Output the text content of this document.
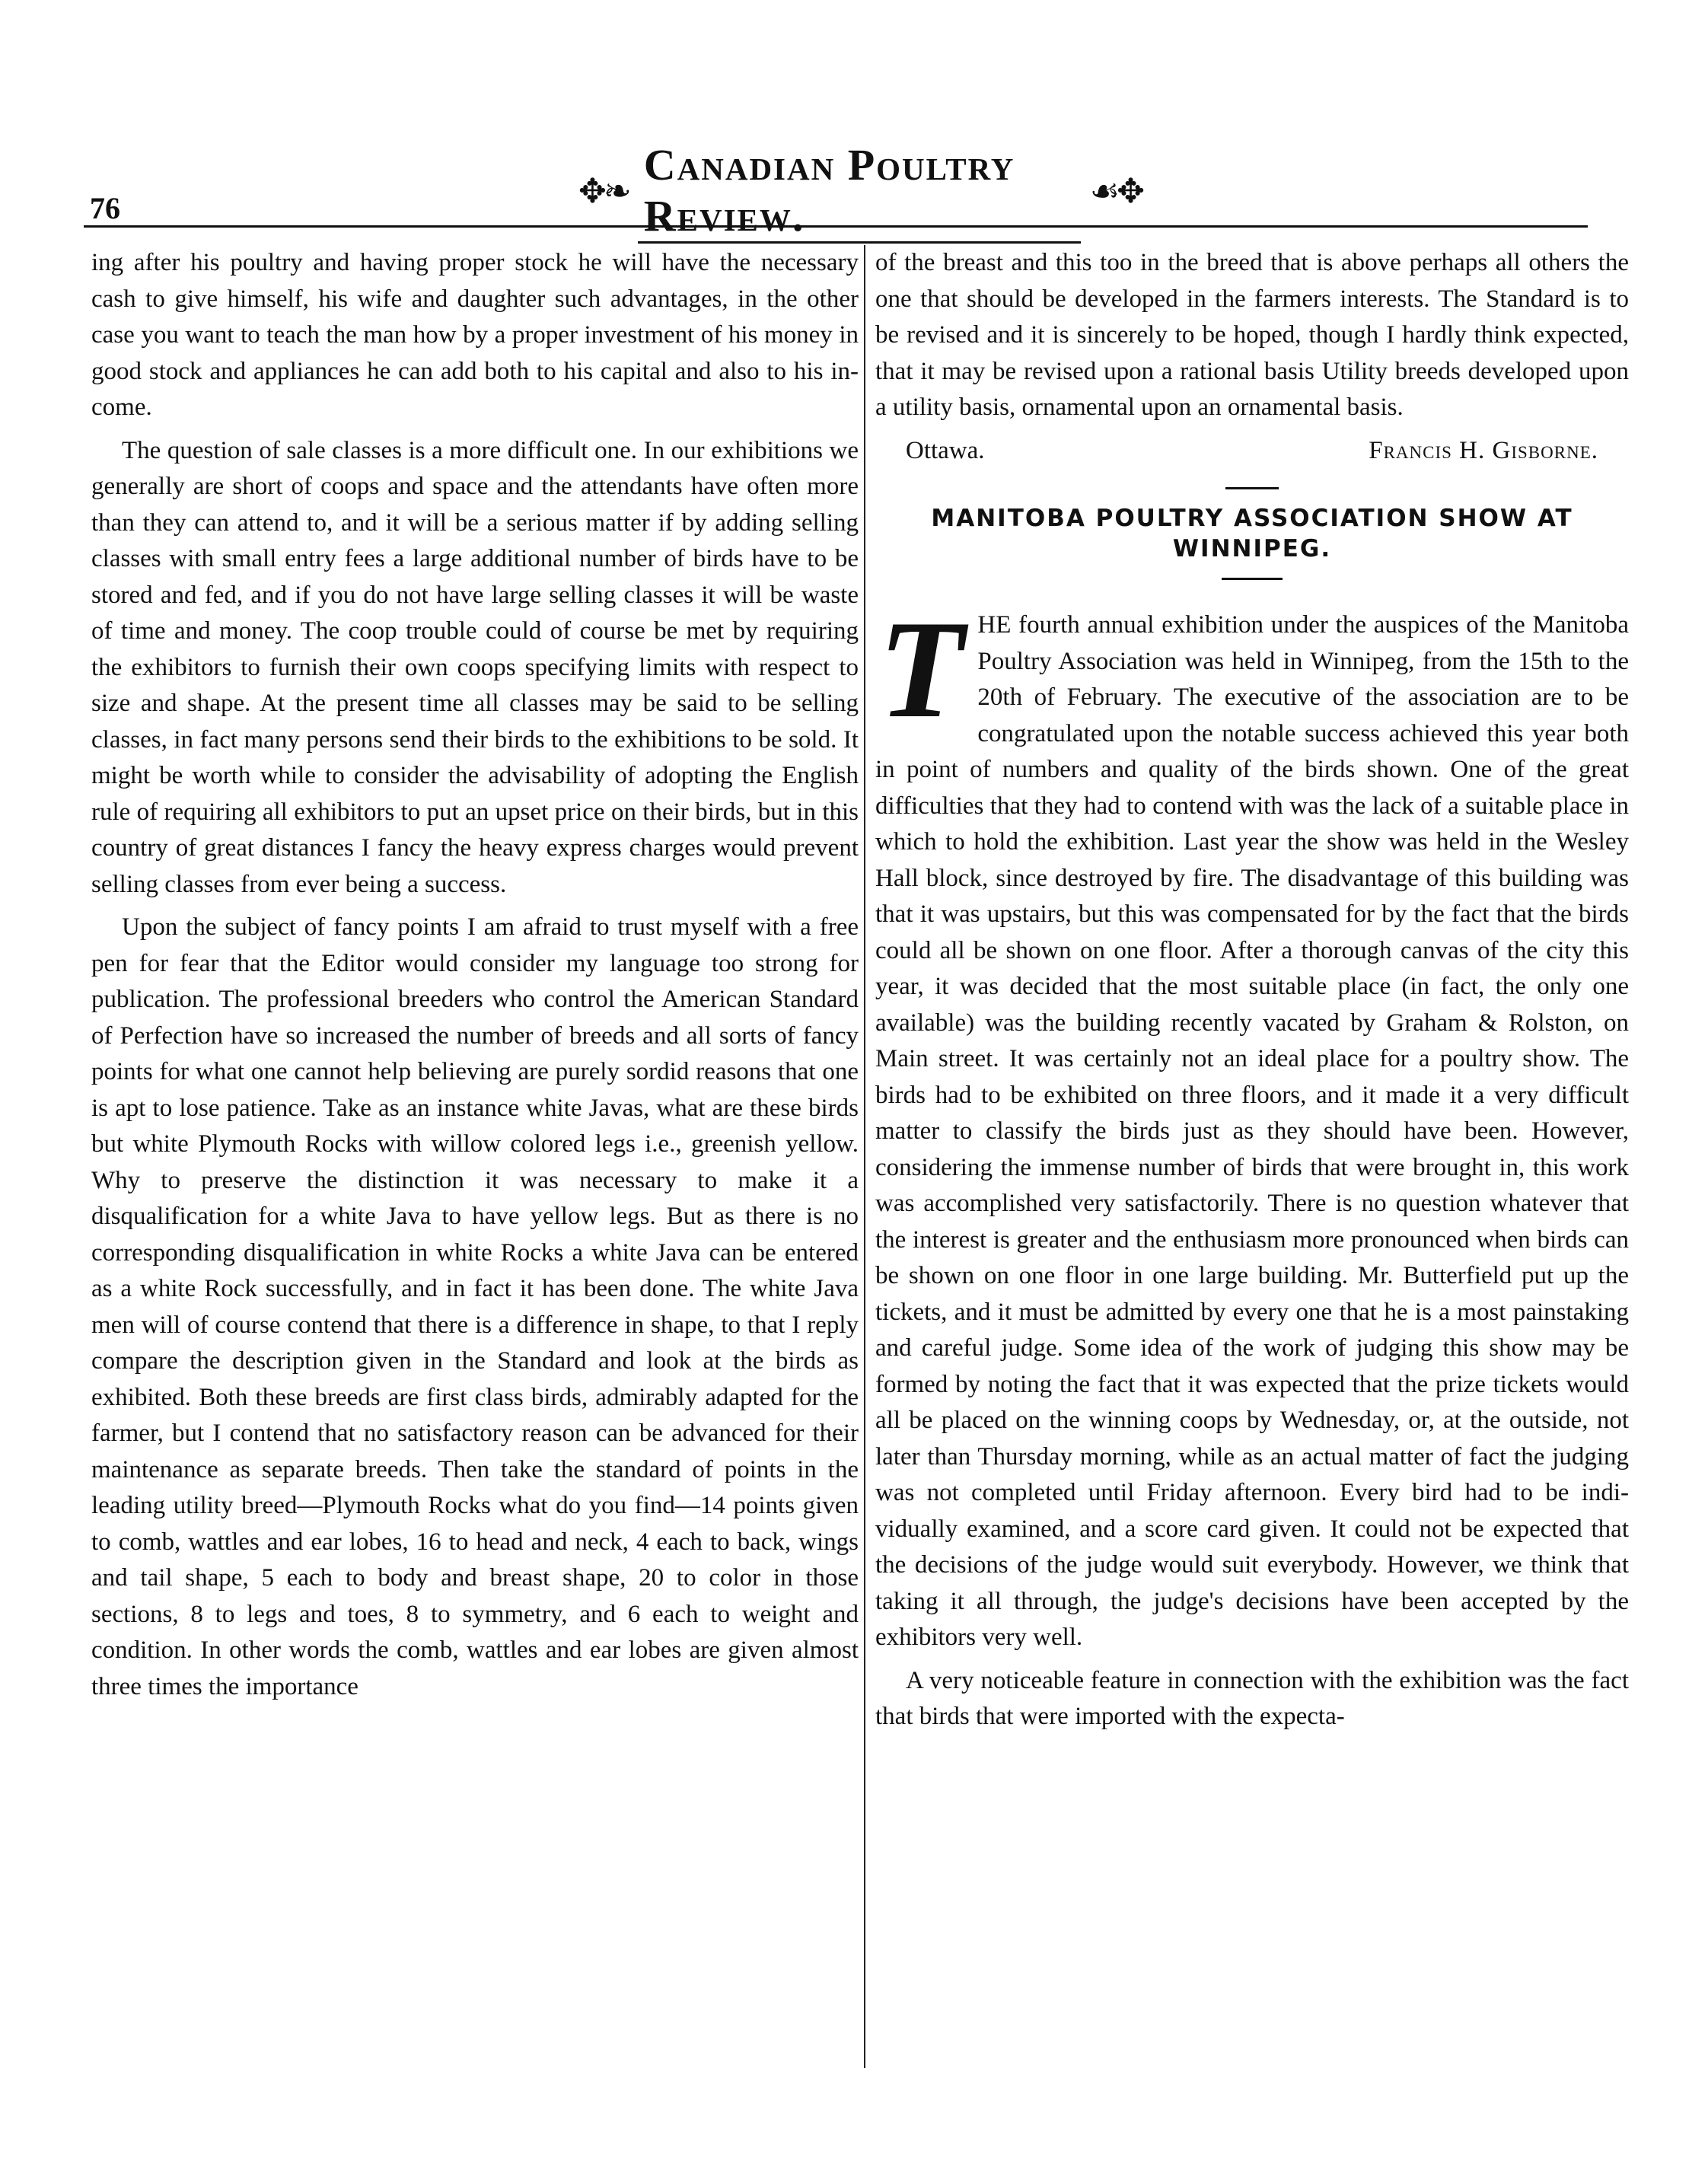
76	✥❧
Canadian Poultry Review.	☙✥

ing after his poultry and having proper stock he will have the necessary cash to give himself, his wife and daughter such advantages, in the other case you want to teach the man how by a proper investment of his money in good stock and appliances he can add both to his capital and also to his income.

The question of sale classes is a more difficult one. In our exhibitions we generally are short of coops and space and the attendants have often more than they can attend to, and it will be a serious matter if by adding selling classes with small entry fees a large additional number of birds have to be stored and fed, and if you do not have large selling classes it will be waste of time and money. The coop trouble could of course be met by requiring the exhibitors to furnish their own coops specifying limits with respect to size and shape. At the present time all classes may be said to be selling classes, in fact many persons send their birds to the exhibitions to be sold. It might be worth while to consider the advisability of adopting the English rule of requiring all exhibitors to put an upset price on their birds, but in this country of great distances I fancy the heavy express charges would prevent selling classes from ever being a success.

Upon the subject of fancy points I am afraid to trust myself with a free pen for fear that the Editor would consider my language too strong for publication. The professional breeders who control the American Standard of Perfection have so increased the number of breeds and all sorts of fancy points for what one cannot help believing are purely sordid reasons that one is apt to lose patience. Take as an instance white Javas, what are these birds but white Plymouth Rocks with willow colored legs i.e., greenish yellow. Why to preserve the distinction it was necessary to make it a disqualification for a white Java to have yellow legs. But as there is no corresponding disqualification in white Rocks a white Java can be entered as a white Rock successfully, and in fact it has been done. The white Java men will of course contend that there is a difference in shape, to that I reply compare the description given in the Standard and look at the birds as exhibited. Both these breeds are first class birds, admirably adapted for the farmer, but I contend that no satisfactory reason can be advanced for their maintenance as separate breeds. Then take the standard of points in the leading utility breed—Plymouth Rocks what do you find—14 points given to comb, wattles and ear lobes, 16 to head and neck, 4 each to back, wings and tail shape, 5 each to body and breast shape, 20 to color in those sections, 8 to legs and toes, 8 to symmetry, and 6 each to weight and condition. In other words the comb, wattles and ear lobes are given almost three times the importance

of the breast and this too in the breed that is above perhaps all others the one that should be developed in the farmers interests. The Standard is to be revised and it is sincerely to be hoped, though I hardly think expected, that it may be revised upon a rational basis Utility breeds developed upon a utility basis, ornamental upon an ornamental basis.

Ottawa.	Francis H. Gisborne.
MANITOBA POULTRY ASSOCIATION SHOW AT WINNIPEG.

THE fourth annual exhibition under the auspices of the Manitoba Poultry Association was held in Winnipeg, from the 15th to the 20th of February. The executive of the association are to be congratulated upon the notable success achieved this year both in point of numbers and quality of the birds shown. One of the great difficulties that they had to contend with was the lack of a suitable place in which to hold the exhibition. Last year the show was held in the Wesley Hall block, since destroyed by fire. The disadvantage of this building was that it was upstairs, but this was compensated for by the fact that the birds could all be shown on one floor. After a thorough canvas of the city this year, it was decided that the most suitable place (in fact, the only one available) was the building recently vacated by Graham & Rolston, on Main street. It was certainly not an ideal place for a poultry show. The birds had to be exhibited on three floors, and it made it a very difficult matter to classify the birds just as they should have been. However, considering the immense number of birds that were brought in, this work was accomplished very satisfactorily. There is no question whatever that the interest is greater and the enthusiasm more pronounced when birds can be shown on one floor in one large building. Mr. Butterfield put up the tickets, and it must be admitted by every one that he is a most painstaking and careful judge. Some idea of the work of judging this show may be formed by noting the fact that it was expected that the prize tickets would all be placed on the winning coops by Wednesday, or, at the outside, not later than Thursday morning, while as an actual matter of fact the judging was not completed until Friday afternoon. Every bird had to be individually examined, and a score card given. It could not be expected that the decisions of the judge would suit everybody. However, we think that taking it all through, the judge's decisions have been accepted by the exhibitors very well.

A very noticeable feature in connection with the exhibition was the fact that birds that were imported with the expecta-
